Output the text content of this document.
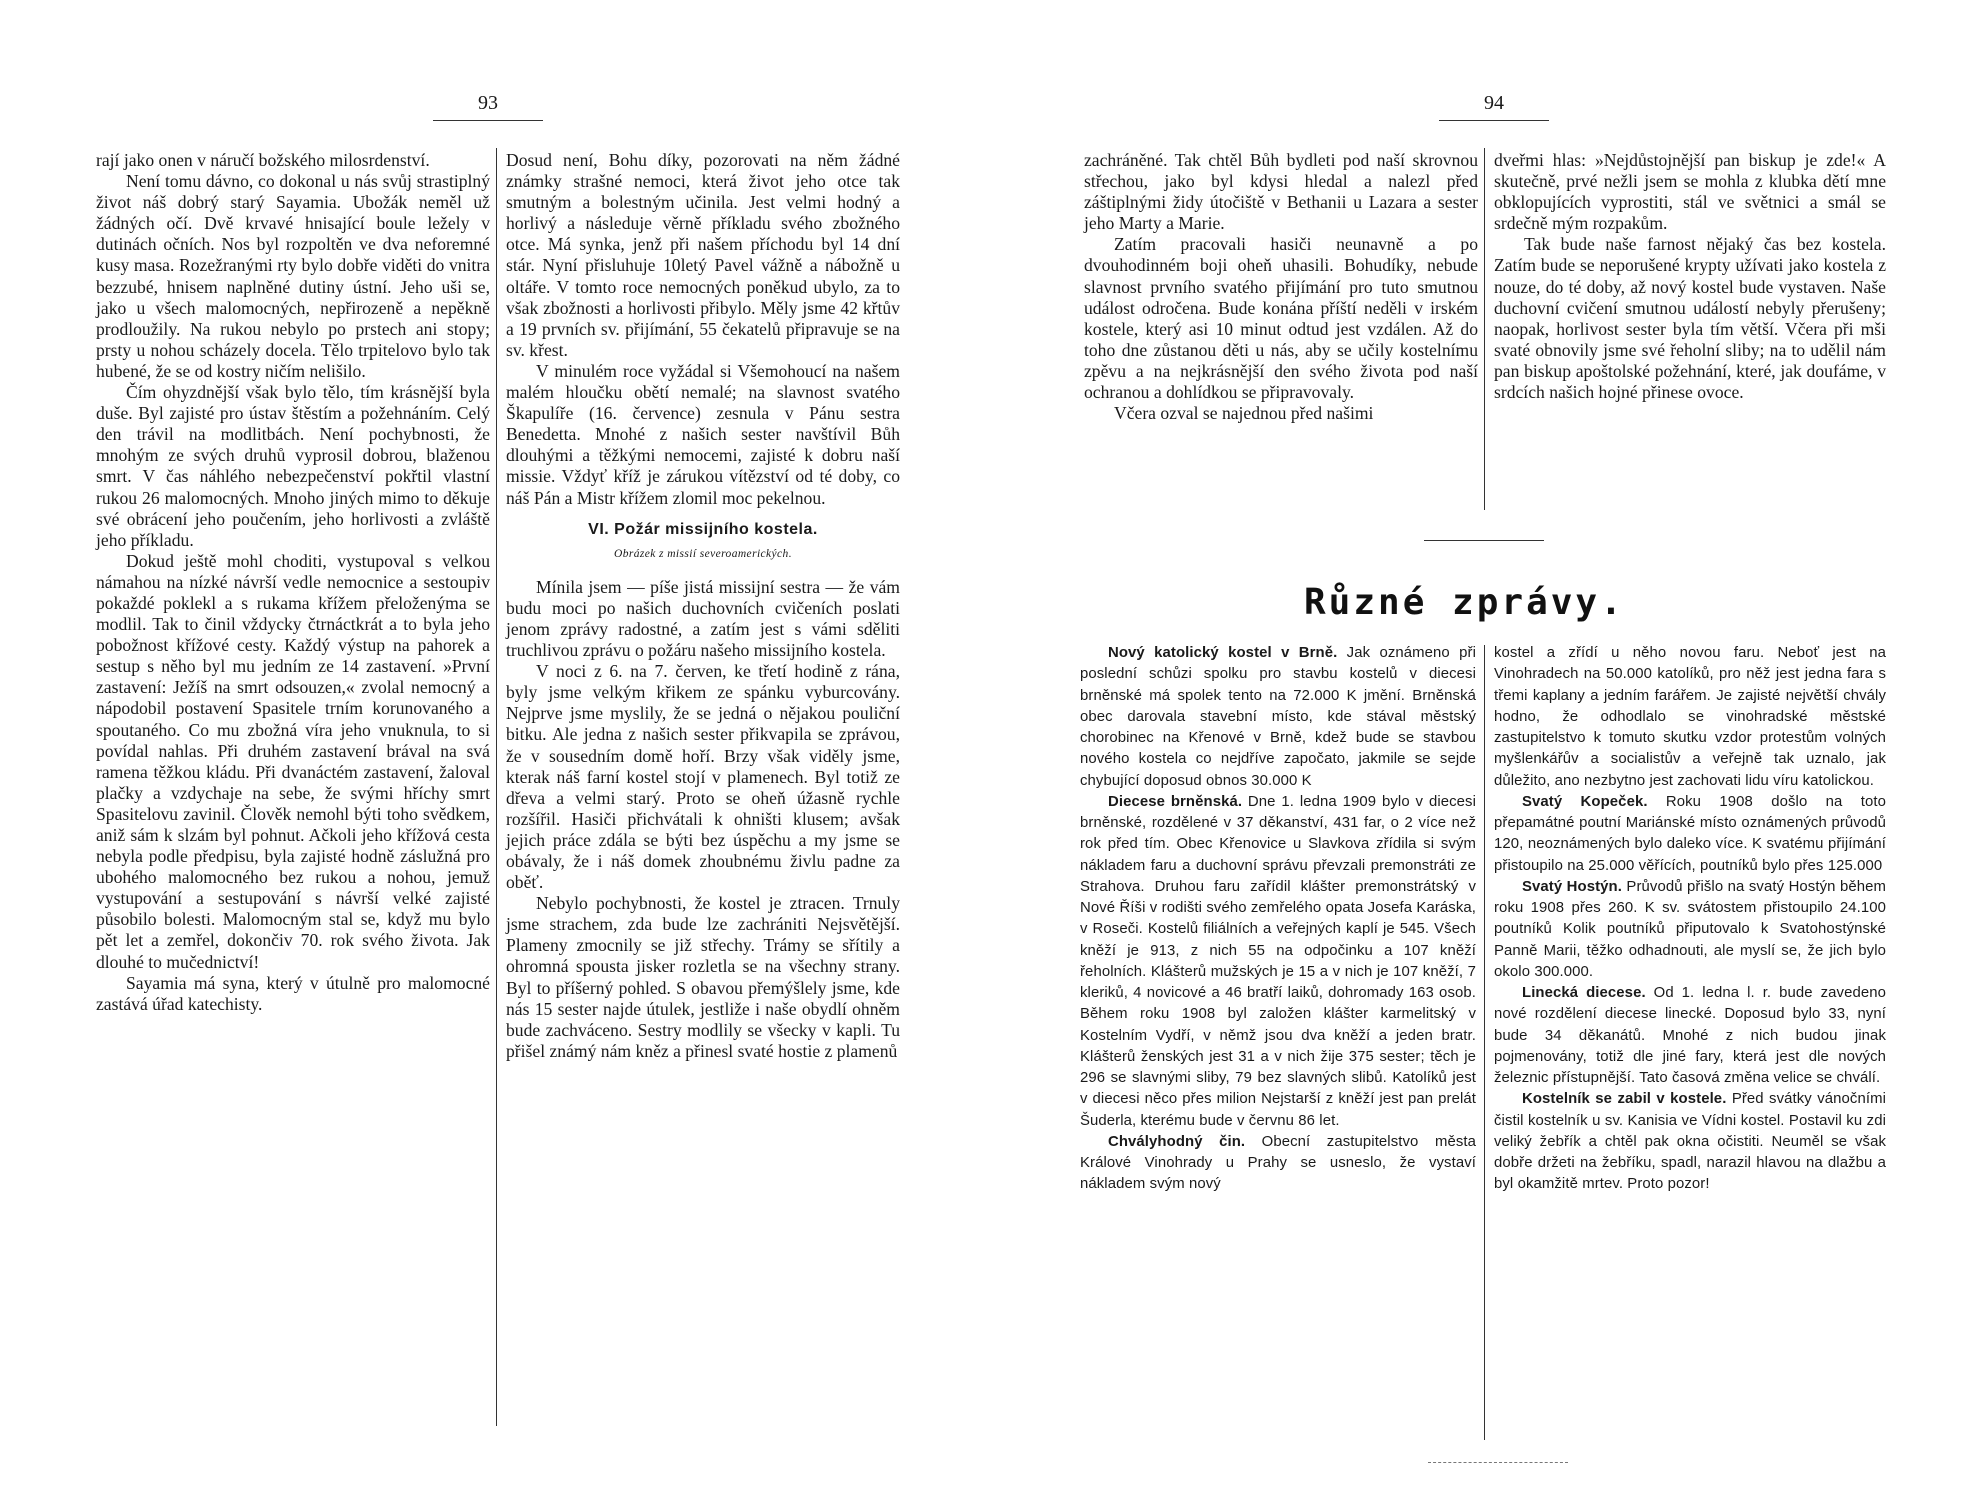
93

rají jako onen v náručí božského milosrdenství.

Není tomu dávno, co dokonal u nás svůj strastiplný život náš dobrý starý Sayamia. Ubožák neměl už žádných očí. Dvě krvavé hnisající boule ležely v dutinách očních. Nos byl rozpoltěn ve dva neforemné kusy masa. Rozežranými rty bylo dobře viděti do vnitra bezzubé, hnisem naplněné dutiny ústní. Jeho uši se, jako u všech malomocných, nepřirozeně a nepěkně prodloužily. Na rukou nebylo po prstech ani stopy; prsty u nohou scházely docela. Tělo trpitelovo bylo tak hubené, že se od kostry ničím nelišilo.

Čím ohyzdnější však bylo tělo, tím krásnější byla duše. Byl zajisté pro ústav štěstím a požehnáním. Celý den trávil na modlitbách. Není pochybnosti, že mnohým ze svých druhů vyprosil dobrou, blaženou smrt. V čas náhlého nebezpečenství pokřtil vlastní rukou 26 malomocných. Mnoho jiných mimo to děkuje své obrácení jeho poučením, jeho horlivosti a zvláště jeho příkladu.

Dokud ještě mohl choditi, vystupoval s velkou námahou na nízké návrší vedle nemocnice a sestoupiv pokaždé poklekl a s rukama křížem přeloženýma se modlil. Tak to činil vždycky čtrnáctkrát a to byla jeho pobožnost křížové cesty. Každý výstup na pahorek a sestup s něho byl mu jedním ze 14 zastavení. »První zastavení: Ježíš na smrt odsouzen,« zvolal nemocný a nápodobil postavení Spasitele trním korunovaného a spoutaného. Co mu zbožná víra jeho vnuknula, to si povídal nahlas. Při druhém zastavení brával na svá ramena těžkou kládu. Při dvanáctém zastavení, žaloval plačky a vzdychaje na sebe, že svými hříchy smrt Spasitelovu zavinil. Člověk nemohl býti toho svědkem, aniž sám k slzám byl pohnut. Ačkoli jeho křížová cesta nebyla podle předpisu, byla zajisté hodně záslužná pro ubohého malomocného bez rukou a nohou, jemuž vystupování a sestupování s návrší velké zajisté působilo bolesti. Malomocným stal se, když mu bylo pět let a zemřel, dokončiv 70. rok svého života. Jak dlouhé to mučednictví!

Sayamia má syna, který v útulně pro malomocné zastává úřad katechisty.

Dosud není, Bohu díky, pozorovati na něm žádné známky strašné nemoci, která život jeho otce tak smutným a bolestným učinila. Jest velmi hodný a horlivý a následuje věrně příkladu svého zbožného otce. Má synka, jenž při našem příchodu byl 14 dní stár. Nyní přisluhuje 10letý Pavel vážně a nábožně u oltáře. V tomto roce nemocných poněkud ubylo, za to však zbožnosti a horlivosti přibylo. Měly jsme 42 křtův a 19 prvních sv. přijímání, 55 čekatelů připravuje se na sv. křest.

V minulém roce vyžádal si Všemohoucí na našem malém hloučku obětí nemalé; na slavnost svatého Škapulíře (16. července) zesnula v Pánu sestra Benedetta. Mnohé z našich sester navštívil Bůh dlouhými a těžkými nemocemi, zajisté k dobru naší missie. Vždyť kříž je zárukou vítězství od té doby, co náš Pán a Mistr křížem zlomil moc pekelnou.

VI. Požár missijního kostela.
Obrázek z missií severoamerických.

Mínila jsem — píše jistá missijní sestra — že vám budu moci po našich duchovních cvičeních poslati jenom zprávy radostné, a zatím jest s vámi sděliti truchlivou zprávu o požáru našeho missijního kostela.

V noci z 6. na 7. červen, ke třetí hodině z rána, byly jsme velkým křikem ze spánku vyburcovány. Nejprve jsme myslily, že se jedná o nějakou pouliční bitku. Ale jedna z našich sester přikvapila se zprávou, že v sousedním domě hoří. Brzy však viděly jsme, kterak náš farní kostel stojí v plamenech. Byl totiž ze dřeva a velmi starý. Proto se oheň úžasně rychle rozšířil. Hasiči přichvátali k ohništi klusem; avšak jejich práce zdála se býti bez úspěchu a my jsme se obávaly, že i náš domek zhoubnému živlu padne za oběť.

Nebylo pochybnosti, že kostel je ztracen. Trnuly jsme strachem, zda bude lze zachrániti Nejsvětější. Plameny zmocnily se již střechy. Trámy se sřítily a ohromná spousta jisker rozletla se na všechny strany. Byl to příšerný pohled. S obavou přemýšlely jsme, kde nás 15 sester najde útulek, jestliže i naše obydlí ohněm bude zachváceno. Sestry modlily se všecky v kapli. Tu přišel známý nám kněz a přinesl svaté hostie z plamenů

94

zachráněné. Tak chtěl Bůh bydleti pod naší skrovnou střechou, jako byl kdysi hledal a nalezl před záštiplnými židy útočiště v Bethanii u Lazara a sester jeho Marty a Marie.

Zatím pracovali hasiči neunavně a po dvouhodinném boji oheň uhasili. Bohudíky, nebude slavnost prvního svatého přijímání pro tuto smutnou událost odročena. Bude konána příští neděli v irském kostele, který asi 10 minut odtud jest vzdálen. Až do toho dne zůstanou děti u nás, aby se učily kostelnímu zpěvu a na nejkrásnější den svého života pod naší ochranou a dohlídkou se připravovaly.

Včera ozval se najednou před našimi

dveřmi hlas: »Nejdůstojnější pan biskup je zde!« A skutečně, prvé nežli jsem se mohla z klubka dětí mne obklopujících vyprostiti, stál ve světnici a smál se srdečně mým rozpakům.

Tak bude naše farnost nějaký čas bez kostela. Zatím bude se neporušené krypty užívati jako kostela z nouze, do té doby, až nový kostel bude vystaven. Naše duchovní cvičení smutnou událostí nebyly přerušeny; naopak, horlivost sester byla tím větší. Včera při mši svaté obnovily jsme své řeholní sliby; na to udělil nám pan biskup apoštolské požehnání, které, jak doufáme, v srdcích našich hojné přinese ovoce.

Různé zprávy.

Nový katolický kostel v Brně. Jak oznámeno při poslední schůzi spolku pro stavbu kostelů v diecesi brněnské má spolek tento na 72.000 K jmění. Brněnská obec darovala stavební místo, kde stával městský chorobinec na Křenové v Brně, kdež bude se stavbou nového kostela co nejdříve započato, jakmile se sejde chybující doposud obnos 30.000 K

Diecese brněnská. Dne 1. ledna 1909 bylo v diecesi brněnské, rozdělené v 37 děkanství, 431 far, o 2 více než rok před tím. Obec Křenovice u Slavkova zřídila si svým nákladem faru a duchovní správu převzali premonstráti ze Strahova. Druhou faru zařídil klášter premonstrátský v Nové Říši v rodišti svého zemřelého opata Josefa Karáska, v Roseči. Kostelů filiálních a veřejných kaplí je 545. Všech kněží je 913, z nich 55 na odpočinku a 107 kněží řeholních. Klášterů mužských je 15 a v nich je 107 kněží, 7 kleriků, 4 novicové a 46 bratří laiků, dohromady 163 osob. Během roku 1908 byl založen klášter karmelitský v Kostelním Vydří, v němž jsou dva kněží a jeden bratr. Klášterů ženských jest 31 a v nich žije 375 sester; těch je 296 se slavnými sliby, 79 bez slavných slibů. Katolíků jest v diecesi něco přes milion Nejstarší z kněží jest pan prelát Šuderla, kterému bude v červnu 86 let.

Chvályhodný čin. Obecní zastupitelstvo města Králové Vinohrady u Prahy se usneslo, že vystaví nákladem svým nový

kostel a zřídí u něho novou faru. Neboť jest na Vinohradech na 50.000 katolíků, pro něž jest jedna fara s třemi kaplany a jedním farářem. Je zajisté největší chvály hodno, že odhodlalo se vinohradské městské zastupitelstvo k tomuto skutku vzdor protestům volných myšlenkářův a socialistův a veřejně tak uznalo, jak důležito, ano nezbytno jest zachovati lidu víru katolickou.

Svatý Kopeček. Roku 1908 došlo na toto přepamátné poutní Mariánské místo oznámených průvodů 120, neoznámených bylo daleko více. K svatému přijímání přistoupilo na 25.000 věřících, poutníků bylo přes 125.000

Svatý Hostýn. Průvodů přišlo na svatý Hostýn během roku 1908 přes 260. K sv. svátostem přistoupilo 24.100 poutníků Kolik poutníků připutovalo k Svatohostýnské Panně Marii, těžko odhadnouti, ale myslí se, že jich bylo okolo 300.000.

Linecká diecese. Od 1. ledna l. r. bude zavedeno nové rozdělení diecese linecké. Doposud bylo 33, nyní bude 34 děkanátů. Mnohé z nich budou jinak pojmenovány, totiž dle jiné fary, která jest dle nových železnic přístupnější. Tato časová změna velice se chválí.

Kostelník se zabil v kostele. Před svátky vánočními čistil kostelník u sv. Kanisia ve Vídni kostel. Postavil ku zdi veliký žebřík a chtěl pak okna očistiti. Neuměl se však dobře držeti na žebříku, spadl, narazil hlavou na dlažbu a byl okamžitě mrtev. Proto pozor!
